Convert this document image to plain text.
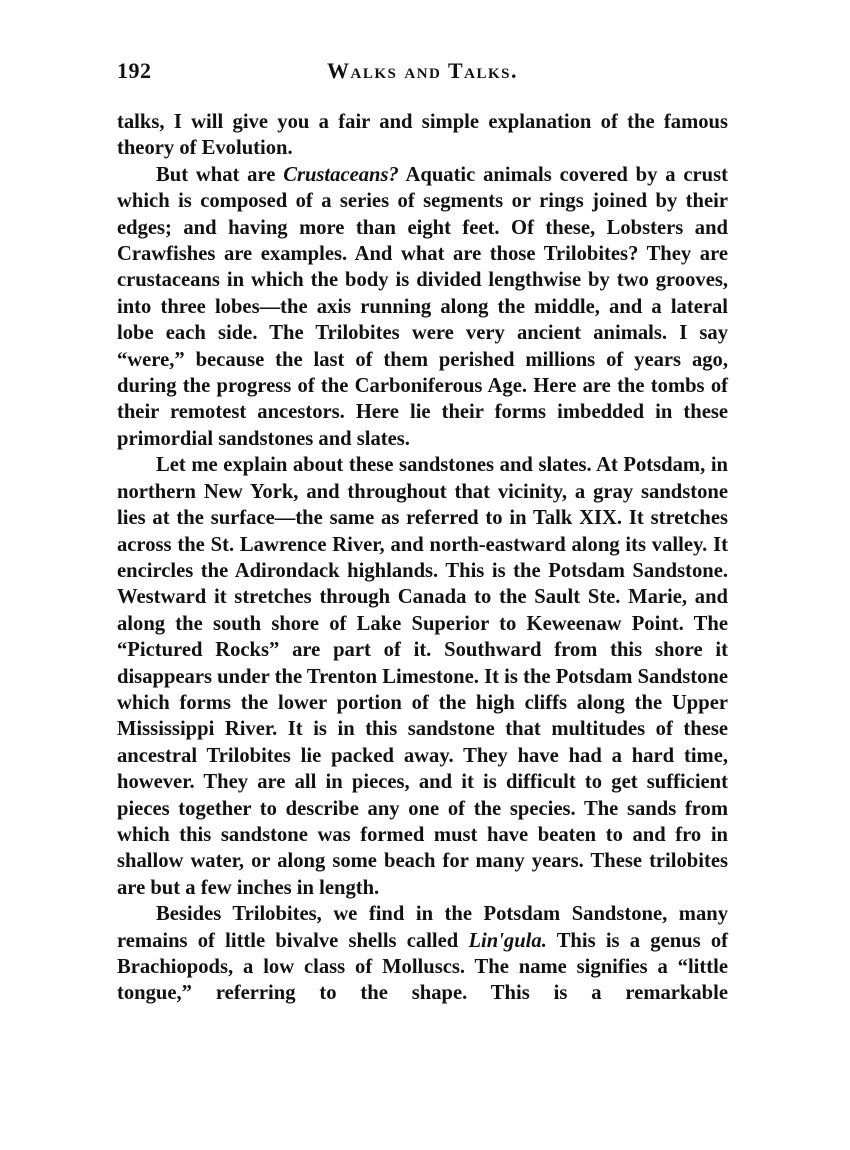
192	Walks and Talks.

talks, I will give you a fair and simple explanation of the famous theory of Evolution.

But what are Crustaceans? Aquatic animals covered by a crust which is composed of a series of segments or rings joined by their edges; and having more than eight feet. Of these, Lobsters and Crawfishes are examples. And what are those Trilobites? They are crustaceans in which the body is divided lengthwise by two grooves, into three lobes—the axis running along the middle, and a lateral lobe each side. The Trilobites were very ancient animals. I say “were,” because the last of them perished millions of years ago, during the progress of the Carboniferous Age. Here are the tombs of their remotest ancestors. Here lie their forms imbedded in these primordial sandstones and slates.

Let me explain about these sandstones and slates. At Potsdam, in northern New York, and throughout that vicinity, a gray sandstone lies at the surface—the same as referred to in Talk XIX. It stretches across the St. Lawrence River, and north-eastward along its valley. It encircles the Adirondack highlands. This is the Potsdam Sandstone. Westward it stretches through Canada to the Sault Ste. Marie, and along the south shore of Lake Superior to Keweenaw Point. The “Pictured Rocks” are part of it. Southward from this shore it disappears under the Trenton Limestone. It is the Potsdam Sandstone which forms the lower portion of the high cliffs along the Upper Mississippi River. It is in this sandstone that multitudes of these ancestral Trilobites lie packed away. They have had a hard time, however. They are all in pieces, and it is difficult to get sufficient pieces together to describe any one of the species. The sands from which this sandstone was formed must have beaten to and fro in shallow water, or along some beach for many years. These trilobites are but a few inches in length.

Besides Trilobites, we find in the Potsdam Sandstone, many remains of little bivalve shells called Lin'gula. This is a genus of Brachiopods, a low class of Molluscs. The name signifies a “little tongue,” referring to the shape. This is a remarkable
